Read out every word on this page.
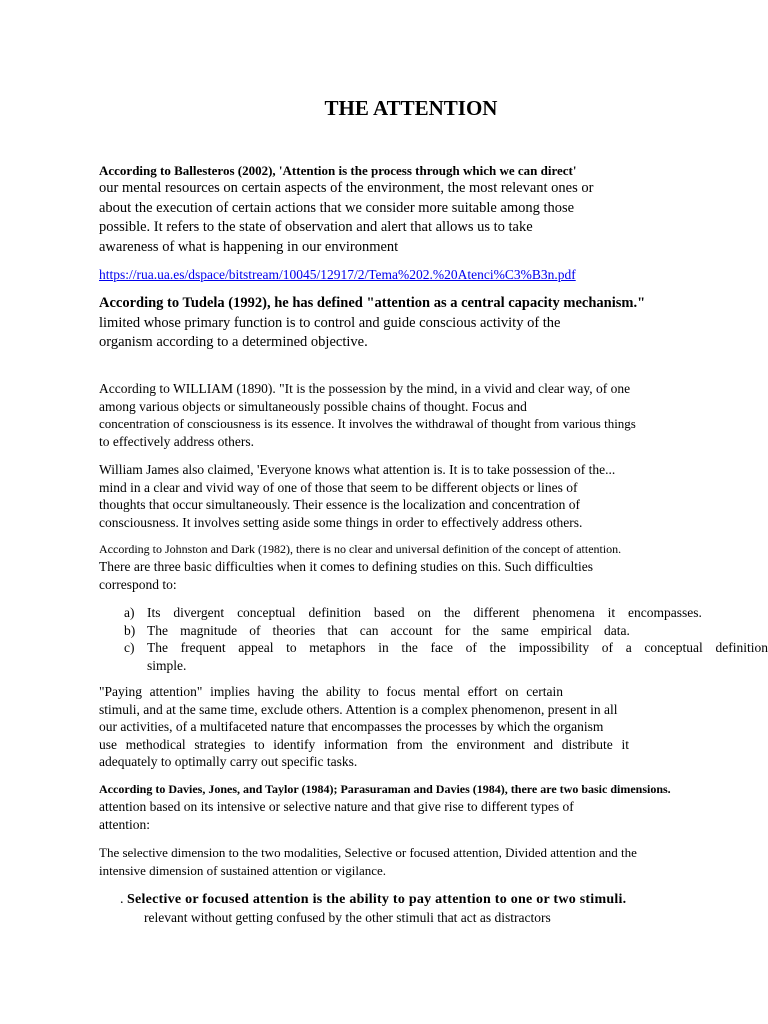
THE ATTENTION
According to Ballesteros (2002), 'Attention is the process through which we can direct'
our mental resources on certain aspects of the environment, the most relevant ones or
about the execution of certain actions that we consider more suitable among those
possible. It refers to the state of observation and alert that allows us to take
awareness of what is happening in our environment
https://rua.ua.es/dspace/bitstream/10045/12917/2/Tema%202.%20Atenci%C3%B3n.pdf
According to Tudela (1992), he has defined "attention as a central capacity mechanism."
limited whose primary function is to control and guide conscious activity of the
organism according to a determined objective.
According to WILLIAM (1890). "It is the possession by the mind, in a vivid and clear way, of one
among various objects or simultaneously possible chains of thought. Focus and
concentration of consciousness is its essence. It involves the withdrawal of thought from various things
to effectively address others.
William James also claimed, 'Everyone knows what attention is. It is to take possession of the...
mind in a clear and vivid way of one of those that seem to be different objects or lines of
thoughts that occur simultaneously. Their essence is the localization and concentration of
consciousness. It involves setting aside some things in order to effectively address others.
According to Johnston and Dark (1982), there is no clear and universal definition of the concept of attention.
There are three basic difficulties when it comes to defining studies on this. Such difficulties
correspond to:
a) Its divergent conceptual definition based on the different phenomena it encompasses.
b) The magnitude of theories that can account for the same empirical data.
c) The frequent appeal to metaphors in the face of the impossibility of a conceptual definition
simple.
"Paying attention" implies having the ability to focus mental effort on certain
stimuli, and at the same time, exclude others. Attention is a complex phenomenon, present in all
our activities, of a multifaceted nature that encompasses the processes by which the organism
use methodical strategies to identify information from the environment and distribute it
adequately to optimally carry out specific tasks.
According to Davies, Jones, and Taylor (1984); Parasuraman and Davies (1984), there are two basic dimensions.
attention based on its intensive or selective nature and that give rise to different types of
attention:
The selective dimension to the two modalities, Selective or focused attention, Divided attention and the
intensive dimension of sustained attention or vigilance.
. Selective or focused attention is the ability to pay attention to one or two stimuli.
relevant without getting confused by the other stimuli that act as distractors
